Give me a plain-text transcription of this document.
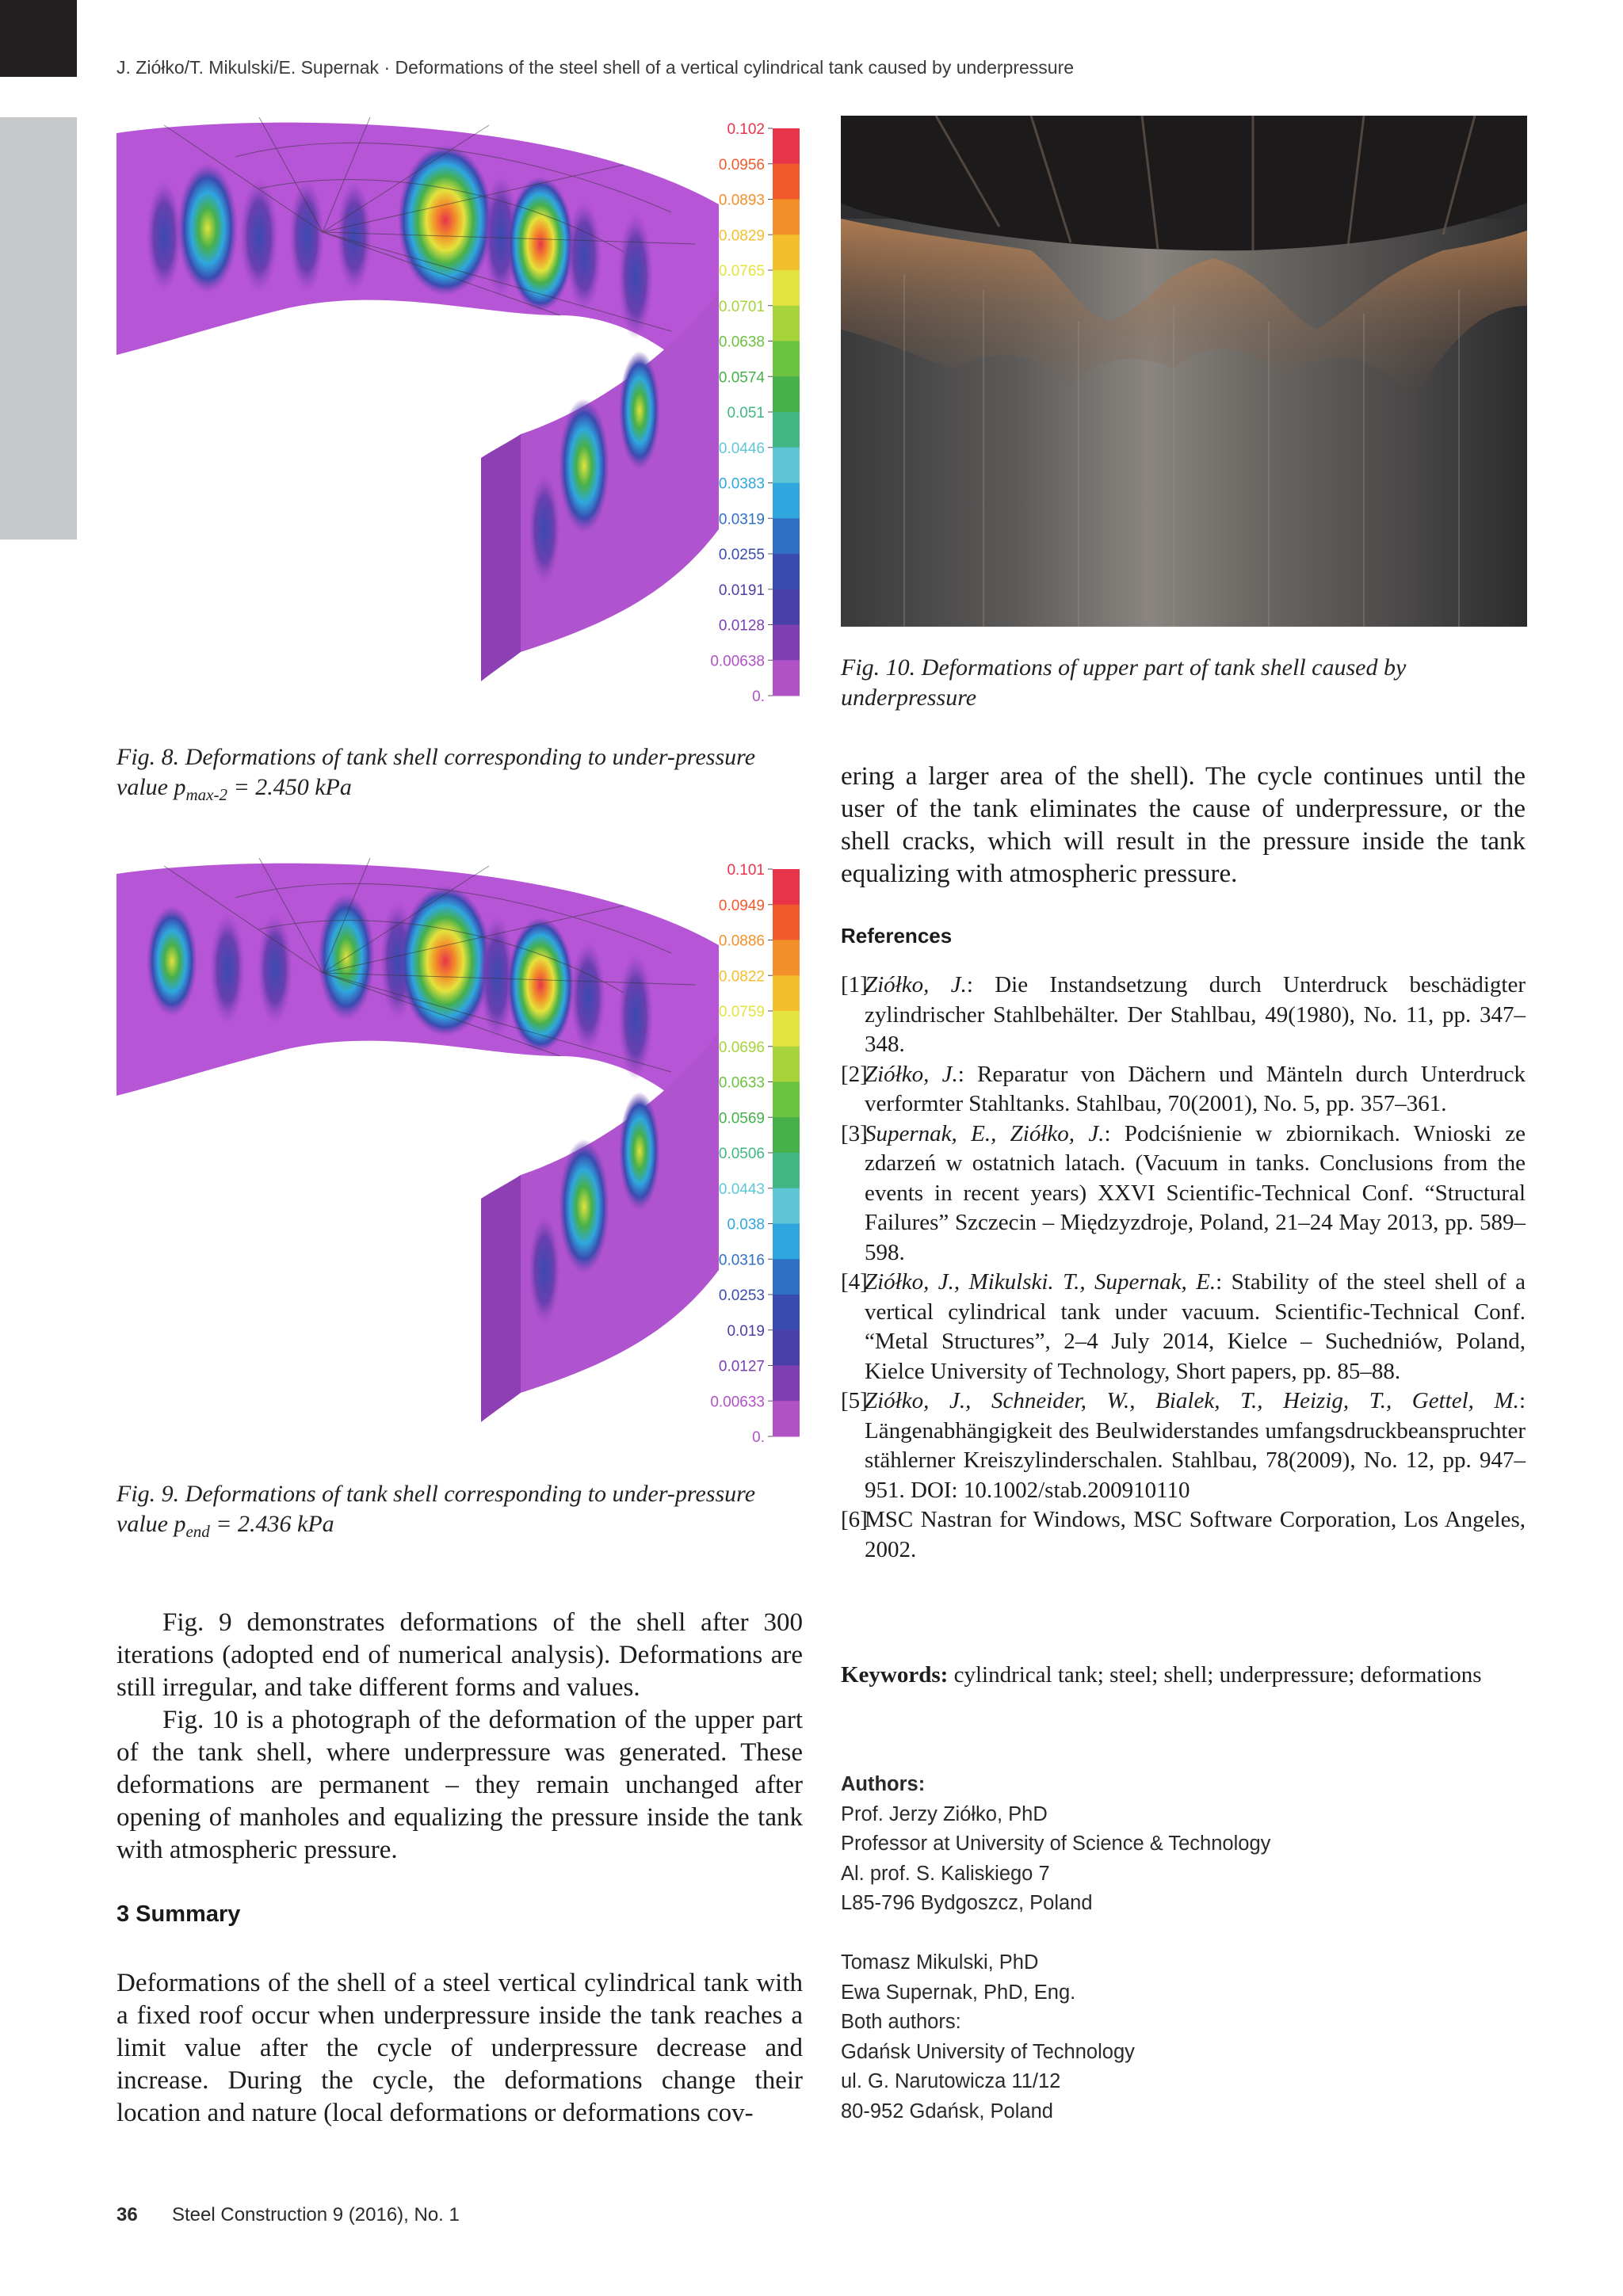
J. Ziółko/T. Mikulski/E. Supernak · Deformations of the steel shell of a vertical cylindrical tank caused by underpressure
0.102
0.0956
0.0893
0.0829
0.0765
0.0701
0.0638
0.0574
0.051
0.0446
0.0383
0.0319
0.0255
0.0191
0.0128
0.00638
0.
Fig. 8. Deformations of tank shell corresponding to under-pressure value $p_{max-2} = 2.450$ kPa
0.101
0.0949
0.0886
0.0822
0.0759
0.0696
0.0633
0.0569
0.0506
0.0443
0.038
0.0316
0.0253
0.019
0.0127
0.00633
0.
Fig. 9. Deformations of tank shell corresponding to under-pressure value $p_{end} = 2.436$ kPa
Fig. 10. Deformations of upper part of tank shell caused by underpressure
Fig. 9 demonstrates deformations of the shell after 300 iterations (adopted end of numerical analysis). Deformations are still irregular, and take different forms and values.
Fig. 10 is a photograph of the deformation of the upper part of the tank shell, where underpressure was generated. These deformations are permanent – they remain unchanged after opening of manholes and equalizing the pressure inside the tank with atmospheric pressure.
3 Summary
Deformations of the shell of a steel vertical cylindrical tank with a fixed roof occur when underpressure inside the tank reaches a limit value after the cycle of underpressure decrease and increase. During the cycle, the deformations change their location and nature (local deformations or deformations cov-
ering a larger area of the shell). The cycle continues until the user of the tank eliminates the cause of underpressure, or the shell cracks, which will result in the pressure inside the tank equalizing with atmospheric pressure.
References
[1]
Ziółko, J.: Die Instandsetzung durch Unterdruck beschädigter zylindrischer Stahlbehälter. Der Stahlbau, 49(1980), No. 11, pp. 347–348.
[2]
Ziółko, J.: Reparatur von Dächern und Mänteln durch Unterdruck verformter Stahltanks. Stahlbau, 70(2001), No. 5, pp. 357–361.
[3]
Supernak, E., Ziółko, J.: Podciśnienie w zbiornikach. Wnioski ze zdarzeń w ostatnich latach. (Vacuum in tanks. Conclusions from the events in recent years) XXVI Scientific-Technical Conf. “Structural Failures” Szczecin – Międzyzdroje, Poland, 21–24 May 2013, pp. 589–598.
[4]
Ziółko, J., Mikulski. T., Supernak, E.: Stability of the steel shell of a vertical cylindrical tank under vacuum. Scientific-Technical Conf. “Metal Structures”, 2–4 July 2014, Kielce – Suchedniów, Poland, Kielce University of Technology, Short papers, pp. 85–88.
[5]
Ziółko, J., Schneider, W., Bialek, T., Heizig, T., Gettel, M.: Längenabhängigkeit des Beulwiderstandes umfangsdruckbeanspruchter stählerner Kreiszylinderschalen. Stahlbau, 78(2009), No. 12, pp. 947–951. DOI: 10.1002/stab.200910110
[6]
MSC Nastran for Windows, MSC Software Corporation, Los Angeles, 2002.
Keywords: cylindrical tank; steel; shell; underpressure; deformations
Authors:
Prof. Jerzy Ziółko, PhD
Professor at University of Science & Technology
Al. prof. S. Kaliskiego 7
L85-796 Bydgoszcz, Poland
Tomasz Mikulski, PhD
Ewa Supernak, PhD, Eng.
Both authors:
Gdańsk University of Technology
ul. G. Narutowicza 11/12
80-952 Gdańsk, Poland
36 Steel Construction 9 (2016), No. 1
